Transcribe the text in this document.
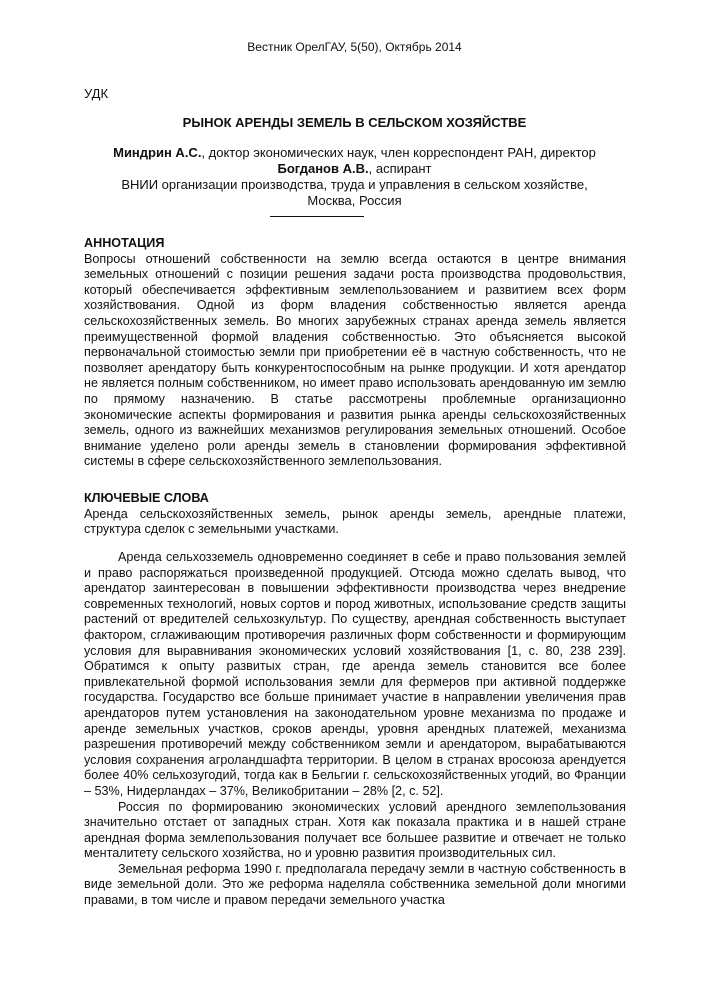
Вестник ОрелГАУ, 5(50), Октябрь 2014
УДК
РЫНОК АРЕНДЫ ЗЕМЕЛЬ В СЕЛЬСКОМ ХОЗЯЙСТВЕ
Миндрин А.С., доктор экономических наук, член корреспондент РАН, директор
Богданов А.В., аспирант
ВНИИ организации производства, труда и управления в сельском хозяйстве,
Москва, Россия
АННОТАЦИЯ

Вопросы отношений собственности на землю всегда остаются в центре внимания земельных отношений с позиции решения задачи роста производства продовольствия, который обеспечивается эффективным землепользованием и развитием всех форм хозяйствования. Одной из форм владения собственностью является аренда сельскохозяйственных земель. Во многих зарубежных странах аренда земель является преимущественной формой владения собственностью. Это объясняется высокой первоначальной стоимостью земли при приобретении её в частную собственность, что не позволяет арендатору быть конкурентоспособным на рынке продукции. И хотя арендатор не является полным собственником, но имеет право использовать арендованную им землю по прямому назначению. В статье рассмотрены проблемные организационно экономические аспекты формирования и развития рынка аренды сельскохозяйственных земель, одного из важнейших механизмов регулирования земельных отношений. Особое внимание уделено роли аренды земель в становлении формирования эффективной системы в сфере сельскохозяйственного землепользования.

КЛЮЧЕВЫЕ СЛОВА

Аренда сельскохозяйственных земель, рынок аренды земель, арендные платежи, структура сделок с земельными участками.

Аренда сельхозземель одновременно соединяет в себе и право пользования землей и право распоряжаться произведенной продукцией. Отсюда можно сделать вывод, что арендатор заинтересован в повышении эффективности производства через внедрение современных технологий, новых сортов и пород животных, использование средств защиты растений от вредителей сельхозкультур. По существу, арендная собственность выступает фактором, сглаживающим противоречия различных форм собственности и формирующим условия для выравнивания экономических условий хозяйствования [1, с. 80, 238 239]. Обратимся к опыту развитых стран, где аренда земель становится все более привлекательной формой использования земли для фермеров при активной поддержке государства. Государство все больше принимает участие в направлении увеличения прав арендаторов путем установления на законодательном уровне механизма по продаже и аренде земельных участков, сроков аренды, уровня арендных платежей, механизма разрешения противоречий между собственником земли и арендатором, вырабатываются условия сохранения агроландшафта территории. В целом в странах вросоюза арендуется более 40% сельхозугодий, тогда как в Бельгии г. сельскохозяйственных угодий, во Франции – 53%, Нидерландах – 37%, Великобритании – 28% [2, с. 52].

Россия по формированию экономических условий арендного землепользования значительно отстает от западных стран. Хотя как показала практика и в нашей стране арендная форма землепользования получает все большее развитие и отвечает не только менталитету сельского хозяйства, но и уровню развития производительных сил.

Земельная реформа 1990 г. предполагала передачу земли в частную собственность в виде земельной доли. Это же реформа наделяла собственника земельной доли многими правами, в том числе и правом передачи земельного участка
